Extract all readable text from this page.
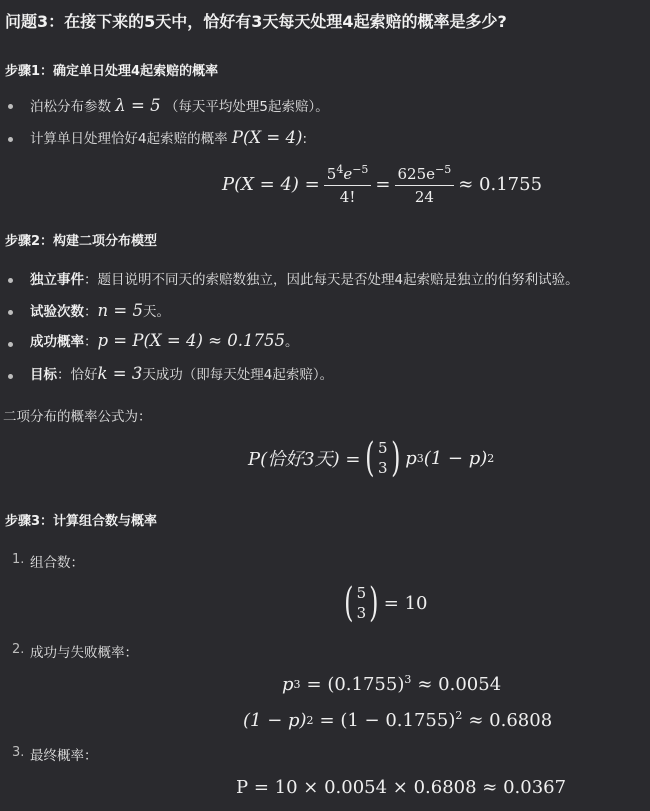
问题3：在接下来的5天中，恰好有3天每天处理4起索赔的概率是多少?
步骤1：确定单日处理4起索赔的概率
泊松分布参数 λ = 5 （每天平均处理5起索赔）。
计算单日处理恰好4起索赔的概率 P(X = 4):
$P(X = 4) = \frac{5^4e^{-5}}{4!} = \frac{625e^{-5}}{24} \approx 0.1755$
步骤2：构建二项分布模型
独立事件：题目说明不同天的索赔数独立，因此每天是否处理4起索赔是独立的伯努利试验。
试验次数：n = 5天。
成功概率：p = P(X = 4) ≈ 0.1755。
目标：恰好k = 3天成功（即每天处理4起索赔）。
二项分布的概率公式为：
P(恰好3天) = ( 5
3 ) p 3 (1 − p) 2
步骤3：计算组合数与概率
1. 组合数：
( 5
3 ) = 10
2. 成功与失败概率：
p $3 = (0.1755)^3 \approx 0.0054$
(1 − p) $2 = (1 - 0.1755)^2 \approx 0.6808$
3. 最终概率：
P = 10 × 0.0054 × 0.6808 ≈ 0.0367
